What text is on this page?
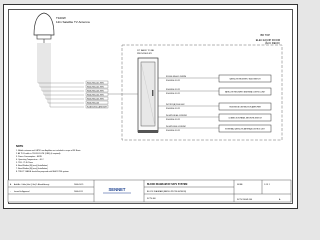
T100W
12in Satellite TV Antenna
W001-RG6-1001-TVRO
W002-RG6-1002-TVRO
W003-RG6-1003-TVRO
W004-RG6-1004-TVRO
W005-RG6-1005-TVRO
W006-RG6-1006
W-CAT5-RG6+CAT5E-SDH
BR TOP
ELEC EQUIP ROOM
(ACC DECK)
19" RACK TO BE
PROVIDED BY
IR-RG6-SDH4-1-1SDRM
RG6-SDH-12-CR
RG6-SDH-12-CR
RG6-SDH-12-CR
W-TVRO(B) RG6-1002
RG6-SDH-12-CR
W-CAT5-SDH4-1-2SDRM
RG6-SDH-12-CR
W-CAT5-RG6-1-1SDRM
RG6-SDH-12-CR
SATELLITE RECEIVER / MULTISWITCH
SATELLITE RECEIVER / ANTENNA CONTROL UNIT
TELEVISION DISTRIBUTION AMPLIFIER
CONNECTION PANEL NETWORK SWITCH
EXTERNAL SATELLITE ANTENNA CONTROL UNIT
NOTE
1. Mobile antenna and CATV Line Amplifier are included in scope of SF Basic.
2. All 75 Ω cable is 75Ω 3Ω 10 PE (3 BF) (if required).
3. Power Consumption : 400W
4. Operating Temperature : -10 C
5. 75Ω : 75 Ω Ohms
6. Bend Radius (B) (mm) (Installation)
7. Bend Radius (B) (mm) (Installation)
8. TRUCT CABLE should be prepared with SHM 1/75E system.
A	Add Ant. Cable (Info Q-Sat) 1 Ahead Arrangt	2006-03-29
- Issued for Approval	2006-02-11
BLOCK DIAGRAM OF SATV SYSTEM
BLOCK DIAGRAM (SATELLITE TELEVISION)
SCTV-100
NONE	1 OF 1
SCTV-100W-100	A
SENNET
